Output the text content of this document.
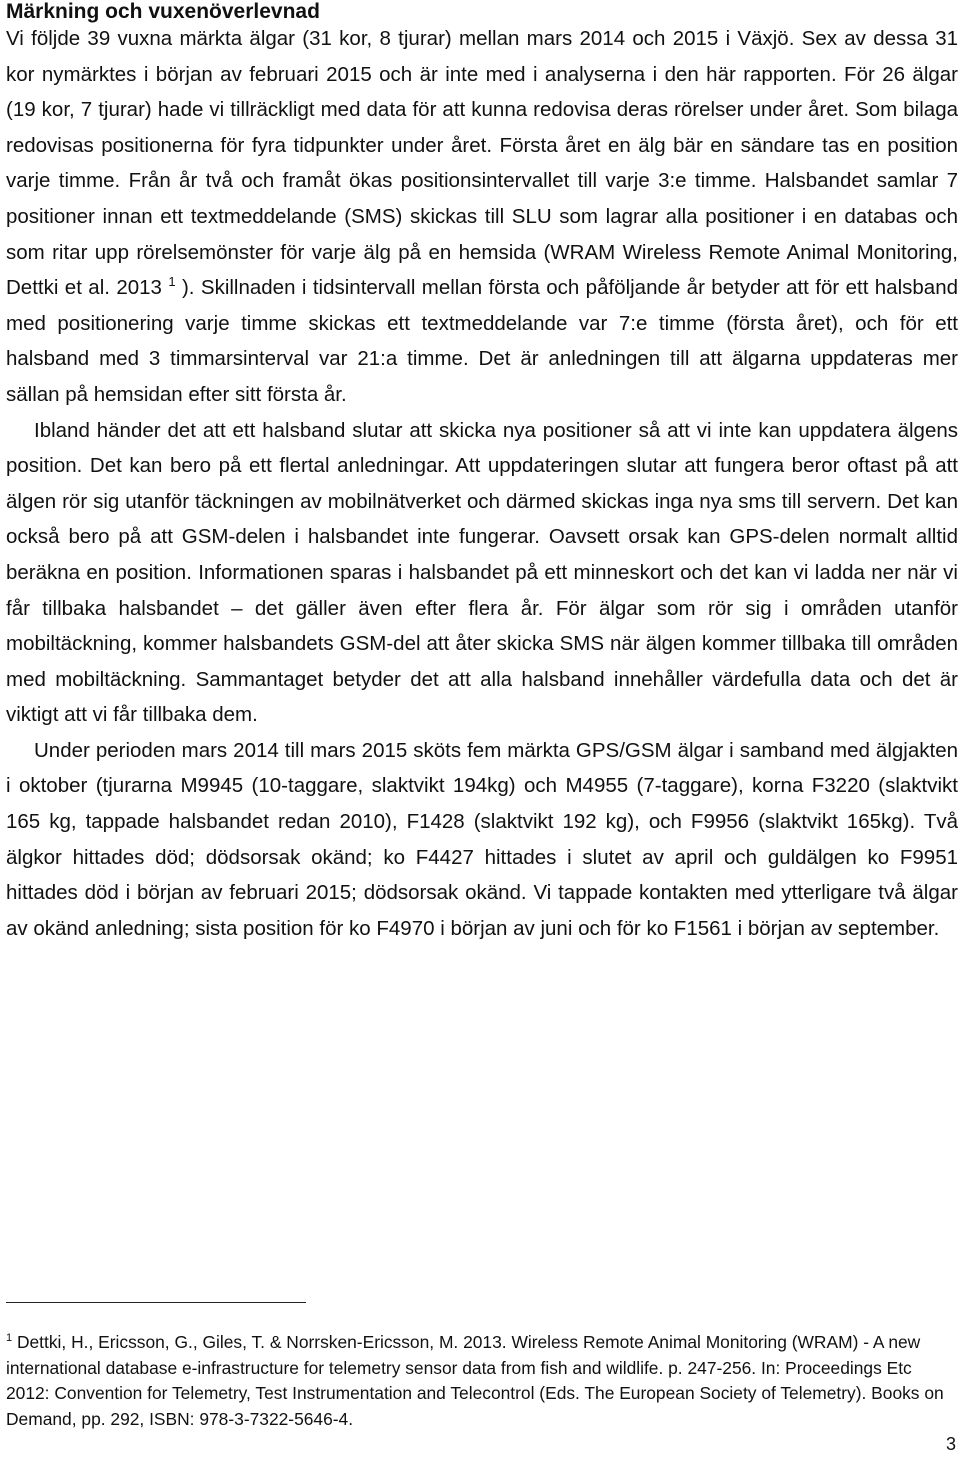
Märkning och vuxenöverlevnad

Vi följde 39 vuxna märkta älgar (31 kor, 8 tjurar) mellan mars 2014 och 2015 i Växjö. Sex av dessa 31 kor nymärktes i början av februari 2015 och är inte med i analyserna i den här rapporten. För 26 älgar (19 kor, 7 tjurar) hade vi tillräckligt med data för att kunna redovisa deras rörelser under året. Som bilaga redovisas positionerna för fyra tidpunkter under året. Första året en älg bär en sändare tas en position varje timme. Från år två och framåt ökas positionsintervallet till varje 3:e timme. Halsbandet samlar 7 positioner innan ett textmeddelande (SMS) skickas till SLU som lagrar alla positioner i en databas och som ritar upp rörelsemönster för varje älg på en hemsida (WRAM Wireless Remote Animal Monitoring, Dettki et al. 2013 $^1$ ). Skillnaden i tidsintervall mellan första och påföljande år betyder att för ett halsband med positionering varje timme skickas ett textmeddelande var 7:e timme (första året), och för ett halsband med 3 timmarsinterval var 21:a timme. Det är anledningen till att älgarna uppdateras mer sällan på hemsidan efter sitt första år.

Ibland händer det att ett halsband slutar att skicka nya positioner så att vi inte kan uppdatera älgens position. Det kan bero på ett flertal anledningar. Att uppdateringen slutar att fungera beror oftast på att älgen rör sig utanför täckningen av mobilnätverket och därmed skickas inga nya sms till servern. Det kan också bero på att GSM-delen i halsbandet inte fungerar. Oavsett orsak kan GPS-delen normalt alltid beräkna en position. Informationen sparas i halsbandet på ett minneskort och det kan vi ladda ner när vi får tillbaka halsbandet – det gäller även efter flera år. För älgar som rör sig i områden utanför mobiltäckning, kommer halsbandets GSM-del att åter skicka SMS när älgen kommer tillbaka till områden med mobiltäckning. Sammantaget betyder det att alla halsband innehåller värdefulla data och det är viktigt att vi får tillbaka dem.

Under perioden mars 2014 till mars 2015 sköts fem märkta GPS/GSM älgar i samband med älgjakten i oktober (tjurarna M9945 (10-taggare, slaktvikt 194kg) och M4955 (7-taggare), korna F3220 (slaktvikt 165 kg, tappade halsbandet redan 2010), F1428 (slaktvikt 192 kg), och F9956 (slaktvikt 165kg). Två älgkor hittades död; dödsorsak okänd; ko F4427 hittades i slutet av april och guldälgen ko F9951 hittades död i början av februari 2015; dödsorsak okänd. Vi tappade kontakten med ytterligare två älgar av okänd anledning; sista position för ko F4970 i början av juni och för ko F1561 i början av september.

$^1$ Dettki, H., Ericsson, G., Giles, T. & Norrsken-Ericsson, M. 2013. Wireless Remote Animal Monitoring (WRAM) - A new international database e-infrastructure for telemetry sensor data from fish and wildlife. p. 247-256. In: Proceedings Etc 2012: Convention for Telemetry, Test Instrumentation and Telecontrol (Eds. The European Society of Telemetry). Books on Demand, pp. 292, ISBN: 978-3-7322-5646-4.

3
